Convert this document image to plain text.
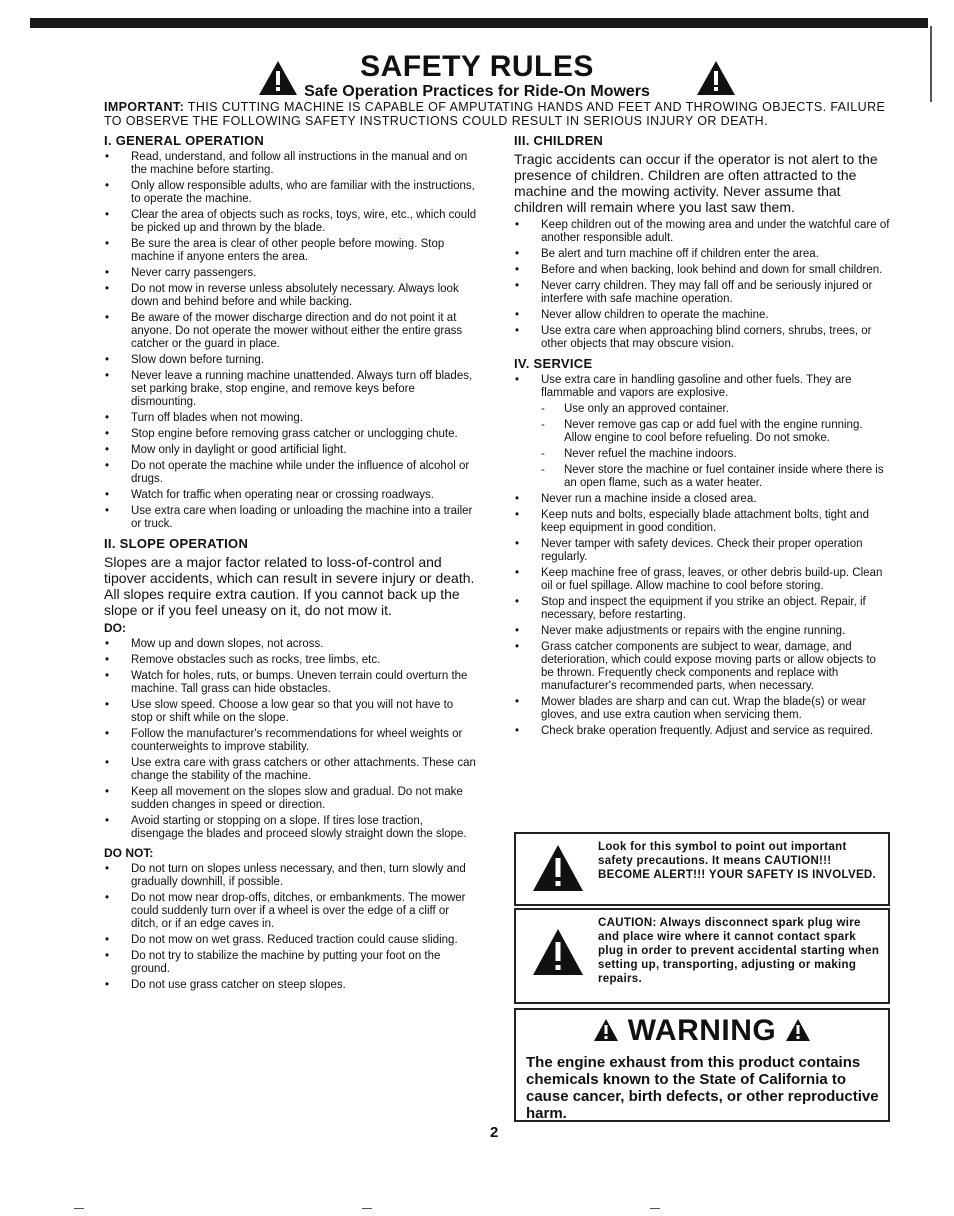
SAFETY RULES
Safe Operation Practices for Ride-On Mowers
IMPORTANT: THIS CUTTING MACHINE IS CAPABLE OF AMPUTATING HANDS AND FEET AND THROWING OBJECTS. FAILURE TO OBSERVE THE FOLLOWING SAFETY INSTRUCTIONS COULD RESULT IN SERIOUS INJURY OR DEATH.
I. GENERAL OPERATION
• Read, understand, and follow all instructions in the manual and on the machine before starting.
• Only allow responsible adults, who are familiar with the instructions, to operate the machine.
• Clear the area of objects such as rocks, toys, wire, etc., which could be picked up and thrown by the blade.
• Be sure the area is clear of other people before mowing. Stop machine if anyone enters the area.
• Never carry passengers.
• Do not mow in reverse unless absolutely necessary. Always look down and behind before and while backing.
• Be aware of the mower discharge direction and do not point it at anyone. Do not operate the mower without either the entire grass catcher or the guard in place.
• Slow down before turning.
• Never leave a running machine unattended. Always turn off blades, set parking brake, stop engine, and remove keys before dismounting.
• Turn off blades when not mowing.
• Stop engine before removing grass catcher or unclogging chute.
• Mow only in daylight or good artificial light.
• Do not operate the machine while under the influence of alcohol or drugs.
• Watch for traffic when operating near or crossing roadways.
• Use extra care when loading or unloading the machine into a trailer or truck.
II. SLOPE OPERATION

Slopes are a major factor related to loss-of-control and tipover accidents, which can result in severe injury or death. All slopes require extra caution. If you cannot back up the slope or if you feel uneasy on it, do not mow it.

DO:
• Mow up and down slopes, not across.
• Remove obstacles such as rocks, tree limbs, etc.
• Watch for holes, ruts, or bumps. Uneven terrain could overturn the machine. Tall grass can hide obstacles.
• Use slow speed. Choose a low gear so that you will not have to stop or shift while on the slope.
• Follow the manufacturer's recommendations for wheel weights or counterweights to improve stability.
• Use extra care with grass catchers or other attachments. These can change the stability of the machine.
• Keep all movement on the slopes slow and gradual. Do not make sudden changes in speed or direction.
• Avoid starting or stopping on a slope. If tires lose traction, disengage the blades and proceed slowly straight down the slope.
DO NOT:
• Do not turn on slopes unless necessary, and then, turn slowly and gradually downhill, if possible.
• Do not mow near drop-offs, ditches, or embankments. The mower could suddenly turn over if a wheel is over the edge of a cliff or ditch, or if an edge caves in.
• Do not mow on wet grass. Reduced traction could cause sliding.
• Do not try to stabilize the machine by putting your foot on the ground.
• Do not use grass catcher on steep slopes.
III. CHILDREN

Tragic accidents can occur if the operator is not alert to the presence of children. Children are often attracted to the machine and the mowing activity. Never assume that children will remain where you last saw them.

• Keep children out of the mowing area and under the watchful care of another responsible adult.
• Be alert and turn machine off if children enter the area.
• Before and when backing, look behind and down for small children.
• Never carry children. They may fall off and be seriously injured or interfere with safe machine operation.
• Never allow children to operate the machine.
• Use extra care when approaching blind corners, shrubs, trees, or other objects that may obscure vision.
IV. SERVICE
• Use extra care in handling gasoline and other fuels. They are flammable and vapors are explosive.
- Use only an approved container.
- Never remove gas cap or add fuel with the engine running. Allow engine to cool before refueling. Do not smoke.
- Never refuel the machine indoors.
- Never store the machine or fuel container inside where there is an open flame, such as a water heater.
• Never run a machine inside a closed area.
• Keep nuts and bolts, especially blade attachment bolts, tight and keep equipment in good condition.
• Never tamper with safety devices. Check their proper operation regularly.
• Keep machine free of grass, leaves, or other debris build-up. Clean oil or fuel spillage. Allow machine to cool before storing.
• Stop and inspect the equipment if you strike an object. Repair, if necessary, before restarting.
• Never make adjustments or repairs with the engine running.
• Grass catcher components are subject to wear, damage, and deterioration, which could expose moving parts or allow objects to be thrown. Frequently check components and replace with manufacturer's recommended parts, when necessary.
• Mower blades are sharp and can cut. Wrap the blade(s) or wear gloves, and use extra caution when servicing them.
• Check brake operation frequently. Adjust and service as required.
Look for this symbol to point out important safety precautions. It means CAUTION!!! BECOME ALERT!!! YOUR SAFETY IS INVOLVED.
CAUTION: Always disconnect spark plug wire and place wire where it cannot contact spark plug in order to prevent accidental starting when setting up, transporting, adjusting or making repairs.
WARNING
The engine exhaust from this product contains chemicals known to the State of California to cause cancer, birth defects, or other reproductive harm.
2
